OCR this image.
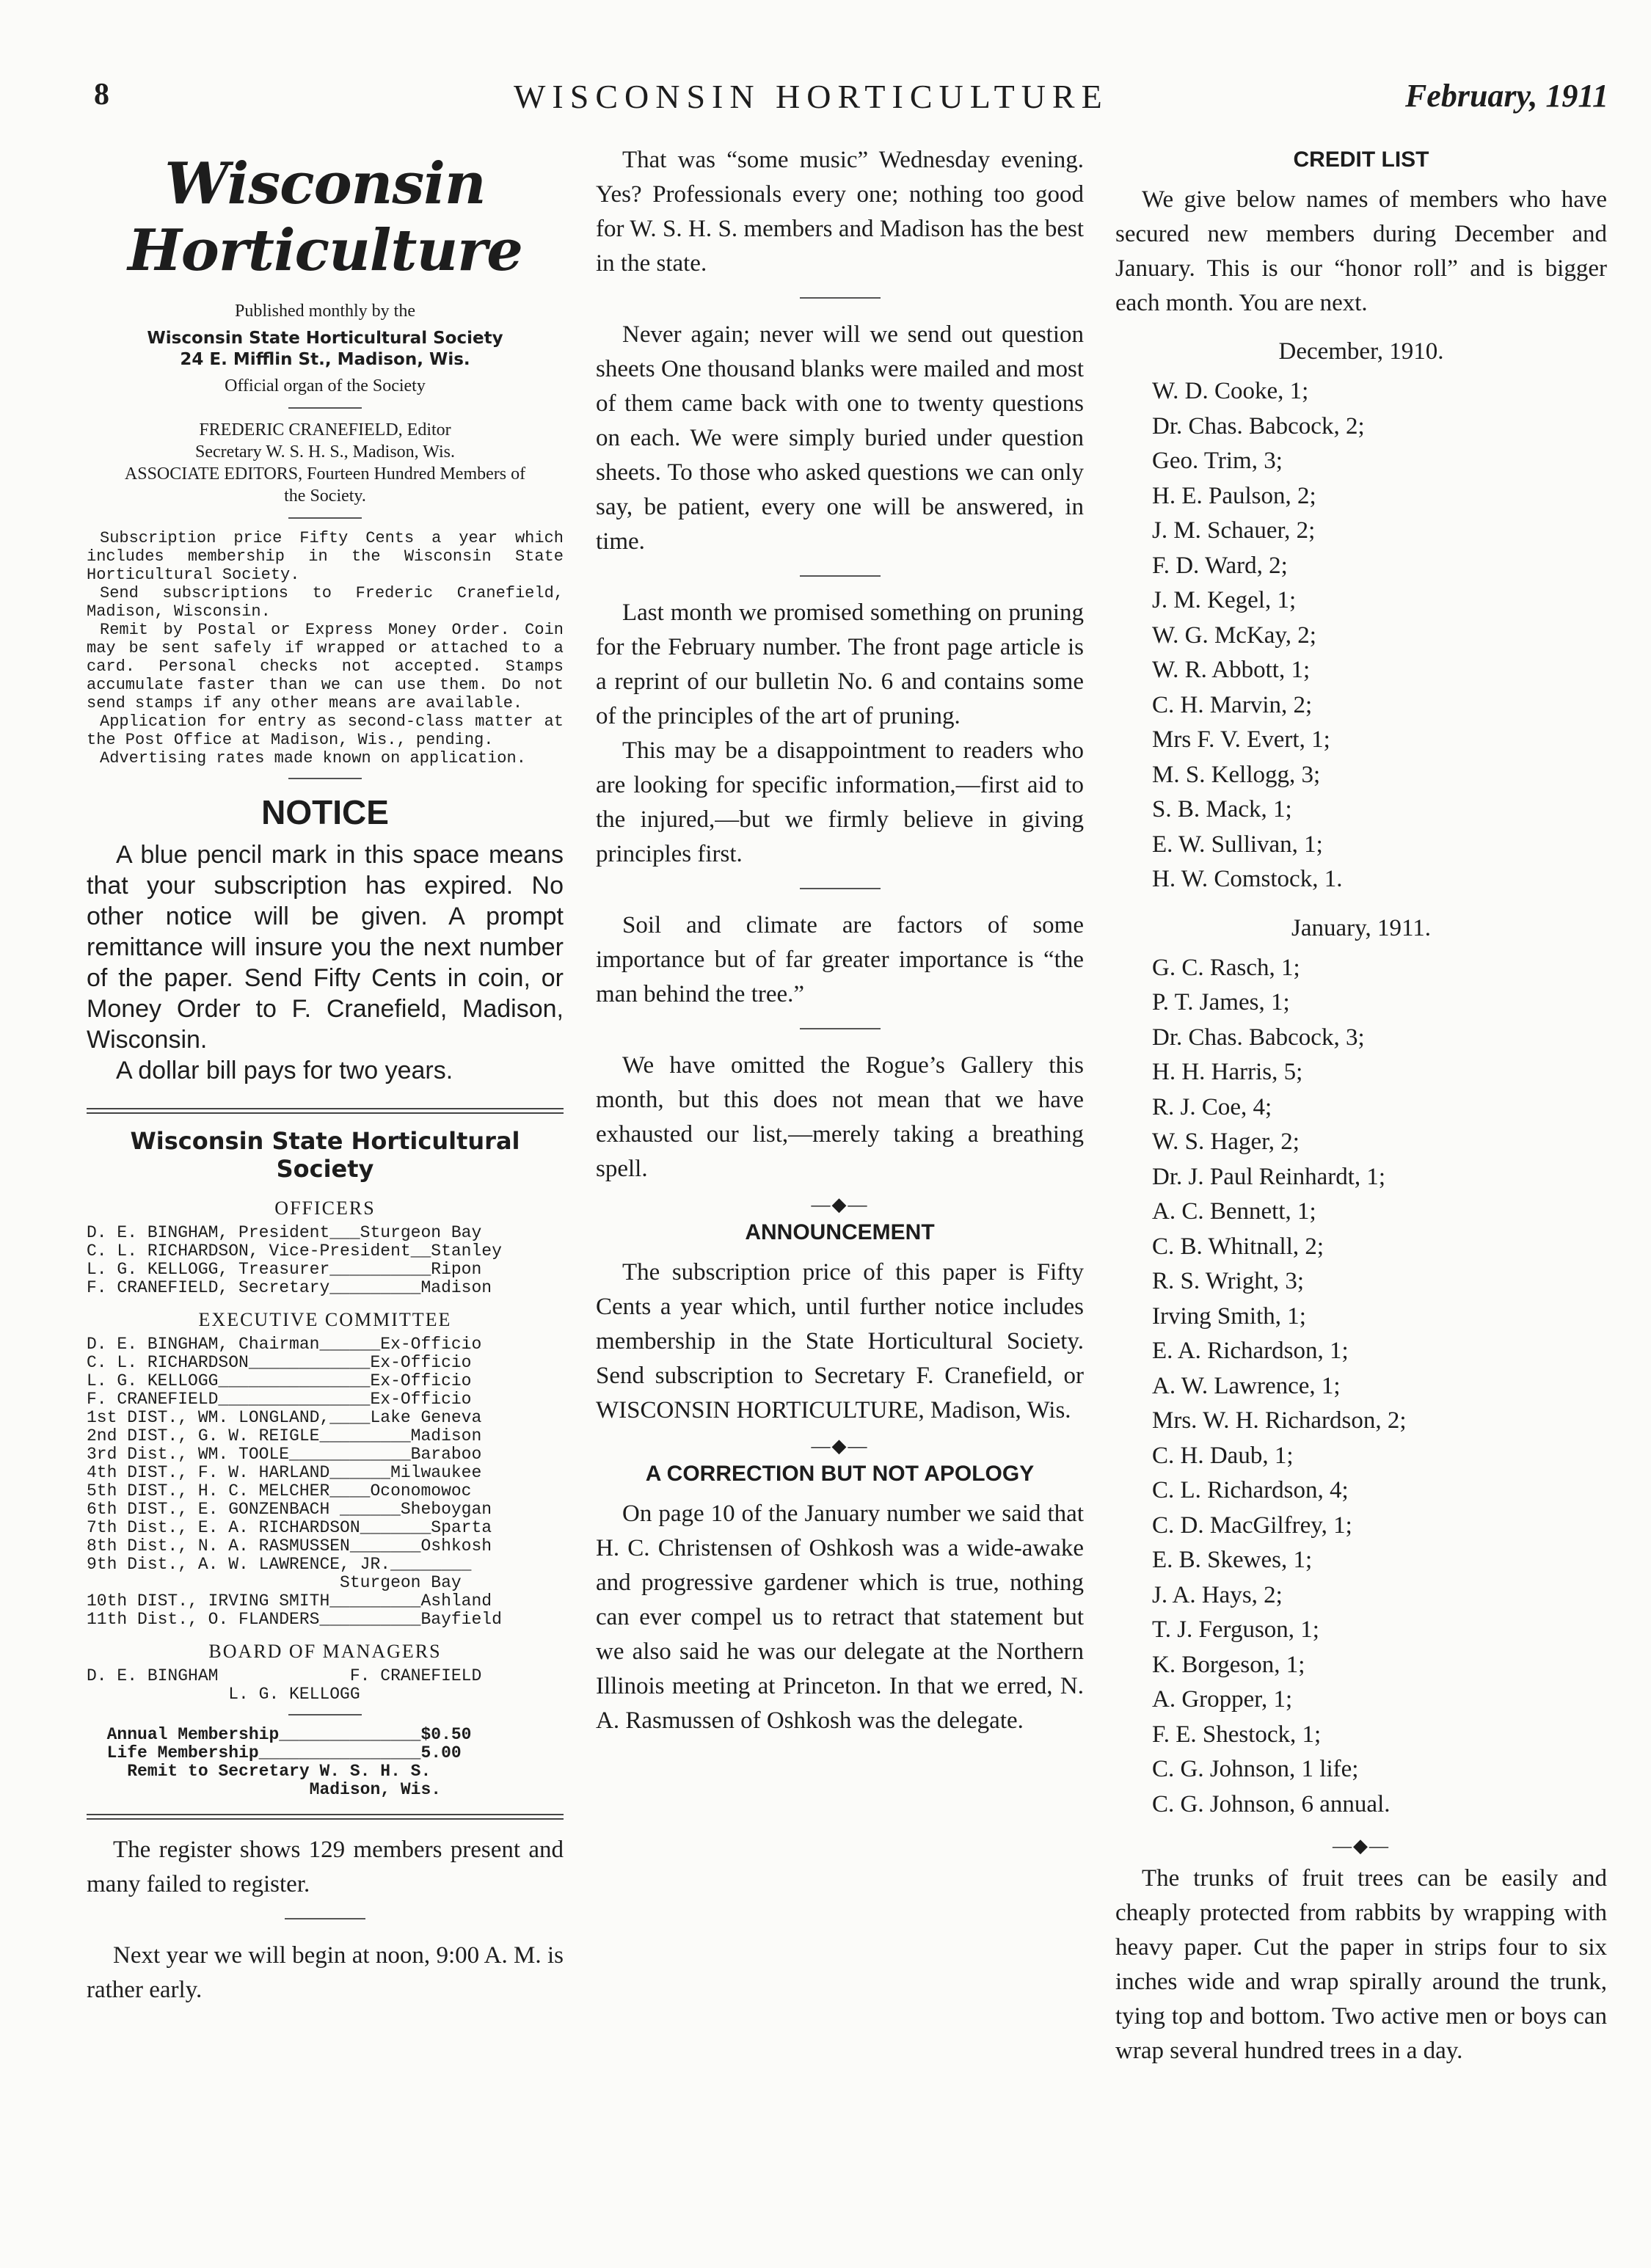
8	WISCONSIN HORTICULTURE	February, 1911
Wisconsin Horticulture
Published monthly by the
Wisconsin State Horticultural Society
24 E. Mifflin St., Madison, Wis.
Official organ of the Society
FREDERIC CRANEFIELD, Editor
Secretary W. S. H. S., Madison, Wis.
ASSOCIATE EDITORS, Fourteen Hundred Members of the Society.

Subscription price Fifty Cents a year which includes membership in the Wisconsin State Horticultural Society.

Send subscriptions to Frederic Cranefield, Madison, Wisconsin.

Remit by Postal or Express Money Order. Coin may be sent safely if wrapped or attached to a card. Personal checks not accepted. Stamps accumulate faster than we can use them. Do not send stamps if any other means are available.

Application for entry as second-class matter at the Post Office at Madison, Wis., pending.

Advertising rates made known on application.

NOTICE

A blue pencil mark in this space means that your subscription has expired. No other notice will be given. A prompt remittance will insure you the next number of the paper. Send Fifty Cents in coin, or Money Order to F. Cranefield, Madison, Wisconsin.

A dollar bill pays for two years.

Wisconsin State Horticultural Society
OFFICERS
D. E. BINGHAM, President___Sturgeon Bay
C. L. RICHARDSON, Vice-President__Stanley
L. G. KELLOGG, Treasurer__________Ripon
F. CRANEFIELD, Secretary_________Madison
EXECUTIVE COMMITTEE
D. E. BINGHAM, Chairman______Ex-Officio
C. L. RICHARDSON____________Ex-Officio
L. G. KELLOGG_______________Ex-Officio
F. CRANEFIELD_______________Ex-Officio
1st DIST., WM. LONGLAND,____Lake Geneva
2nd DIST., G. W. REIGLE_________Madison
3rd Dist., WM. TOOLE____________Baraboo
4th DIST., F. W. HARLAND______Milwaukee
5th DIST., H. C. MELCHER____Oconomowoc
6th DIST., E. GONZENBACH ______Sheboygan
7th Dist., E. A. RICHARDSON_______Sparta
8th Dist., N. A. RASMUSSEN_______Oshkosh
9th Dist., A. W. LAWRENCE, JR.________
Sturgeon Bay
10th DIST., IRVING SMITH_________Ashland
11th Dist., O. FLANDERS__________Bayfield
BOARD OF MANAGERS
D. E. BINGHAM             F. CRANEFIELD
L. G. KELLOGG
Annual Membership______________$0.50
Life Membership________________5.00
Remit to Secretary W. S. H. S.
Madison, Wis.

The register shows 129 members present and many failed to register.

Next year we will begin at noon, 9:00 A. M. is rather early.

That was “some music” Wednesday evening. Yes? Professionals every one; nothing too good for W. S. H. S. members and Madison has the best in the state.

Never again; never will we send out question sheets One thousand blanks were mailed and most of them came back with one to twenty questions on each. We were simply buried under question sheets. To those who asked questions we can only say, be patient, every one will be answered, in time.

Last month we promised something on pruning for the February number. The front page article is a reprint of our bulletin No. 6 and contains some of the principles of the art of pruning.

This may be a disappointment to readers who are looking for specific information,—first aid to the injured,—but we firmly believe in giving principles first.

Soil and climate are factors of some importance but of far greater importance is “the man behind the tree.”

We have omitted the Rogue’s Gallery this month, but this does not mean that we have exhausted our list,—merely taking a breathing spell.

—◆—
ANNOUNCEMENT

The subscription price of this paper is Fifty Cents a year which, until further notice includes membership in the State Horticultural Society. Send subscription to Secretary F. Cranefield, or WISCONSIN HORTICULTURE, Madison, Wis.

—◆—
A CORRECTION BUT NOT APOLOGY

On page 10 of the January number we said that H. C. Christensen of Oshkosh was a wide-awake and progressive gardener which is true, nothing can ever compel us to retract that statement but we also said he was our delegate at the Northern Illinois meeting at Princeton. In that we erred, N. A. Rasmussen of Oshkosh was the delegate.

CREDIT LIST

We give below names of members who have secured new members during December and January. This is our “honor roll” and is bigger each month. You are next.

December, 1910.
W. D. Cooke, 1;
Dr. Chas. Babcock, 2;
Geo. Trim, 3;
H. E. Paulson, 2;
J. M. Schauer, 2;
F. D. Ward, 2;
J. M. Kegel, 1;
W. G. McKay, 2;
W. R. Abbott, 1;
C. H. Marvin, 2;
Mrs F. V. Evert, 1;
M. S. Kellogg, 3;
S. B. Mack, 1;
E. W. Sullivan, 1;
H. W. Comstock, 1.
January, 1911.
G. C. Rasch, 1;
P. T. James, 1;
Dr. Chas. Babcock, 3;
H. H. Harris, 5;
R. J. Coe, 4;
W. S. Hager, 2;
Dr. J. Paul Reinhardt, 1;
A. C. Bennett, 1;
C. B. Whitnall, 2;
R. S. Wright, 3;
Irving Smith, 1;
E. A. Richardson, 1;
A. W. Lawrence, 1;
Mrs. W. H. Richardson, 2;
C. H. Daub, 1;
C. L. Richardson, 4;
C. D. MacGilfrey, 1;
E. B. Skewes, 1;
J. A. Hays, 2;
T. J. Ferguson, 1;
K. Borgeson, 1;
A. Gropper, 1;
F. E. Shestock, 1;
C. G. Johnson, 1 life;
C. G. Johnson, 6 annual.
—◆—

The trunks of fruit trees can be easily and cheaply protected from rabbits by wrapping with heavy paper. Cut the paper in strips four to six inches wide and wrap spirally around the trunk, tying top and bottom. Two active men or boys can wrap several hundred trees in a day.
